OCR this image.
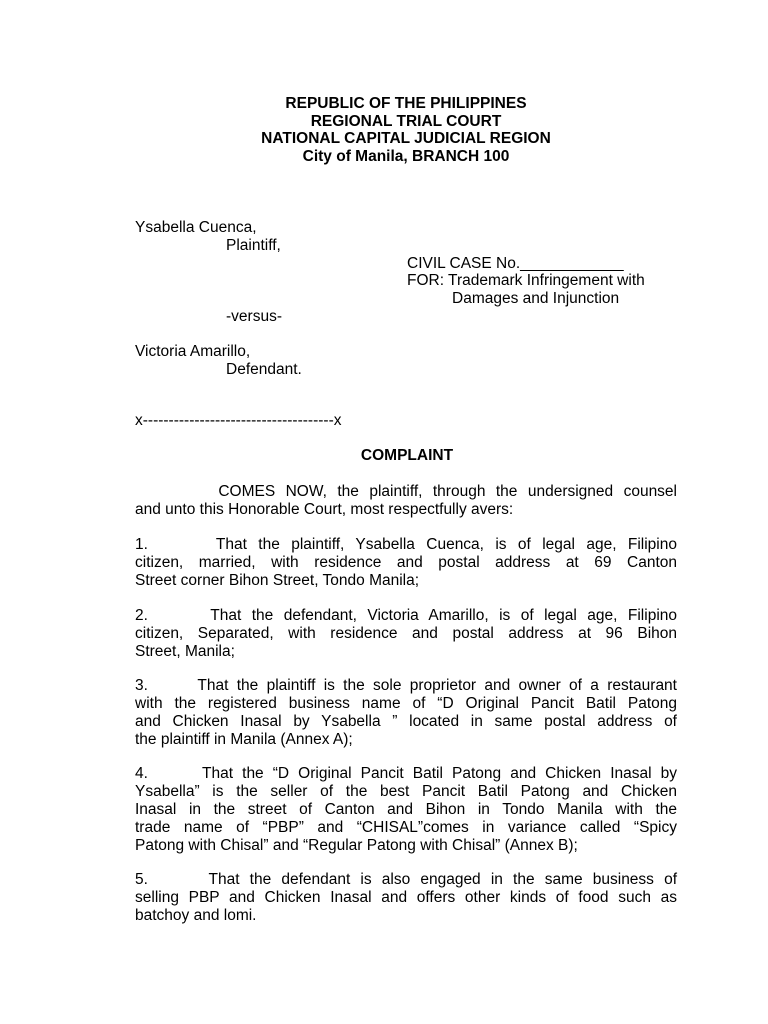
REPUBLIC OF THE PHILIPPINES

REGIONAL TRIAL COURT

NATIONAL CAPITAL JUDICIAL REGION

City of Manila, BRANCH 100

Ysabella Cuenca,

Plaintiff,

CIVIL CASE No.____________

FOR: Trademark Infringement with

Damages and Injunction

-versus-

Victoria Amarillo,

Defendant.

x-------------------------------------x

COMPLAINT

COMES NOW, the plaintiff, through the undersigned counsel
and unto this Honorable Court, most respectfully avers:
1.      That the plaintiff, Ysabella Cuenca, is of legal age, Filipino
citizen, married, with residence and postal address at 69 Canton
Street corner Bihon Street, Tondo Manila;
2.      That the defendant, Victoria Amarillo, is of legal age, Filipino
citizen, Separated, with residence and postal address at 96 Bihon
Street, Manila;
3.      That the plaintiff is the sole proprietor and owner of a restaurant
with the registered business name of “D Original Pancit Batil Patong
and Chicken Inasal by Ysabella ” located in same postal address of
the plaintiff in Manila (Annex A);
4.      That the “D Original Pancit Batil Patong and Chicken Inasal by
Ysabella” is the seller of the best Pancit Batil Patong and Chicken
Inasal in the street of Canton and Bihon in Tondo Manila with the
trade name of “PBP” and “CHISAL”comes in variance called “Spicy
Patong with Chisal” and “Regular Patong with Chisal” (Annex B);
5.      That the defendant is also engaged in the same business of
selling PBP and Chicken Inasal and offers other kinds of food such as
batchoy and lomi.
